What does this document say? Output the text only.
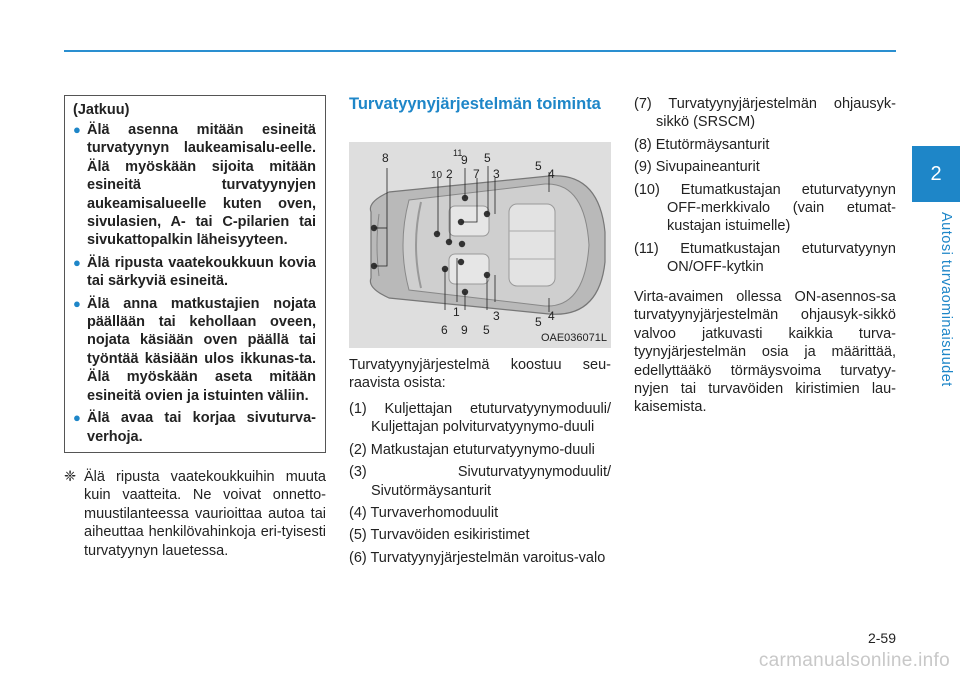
2
Autosi turvaominaisuudet
(Jatkuu)
● Älä asenna mitään esineitä turvatyynyn laukeamisalu-eelle. Älä myöskään sijoita mitään esineitä turvatyynyjen aukeamisalueelle kuten oven, sivulasien, A- tai C-pilarien tai sivukattopalkin läheisyyteen.
● Älä ripusta vaatekoukkuun kovia tai särkyviä esineitä.
● Älä anna matkustajien nojata päällään tai kehollaan oveen, nojata käsiään oven päällä tai työntää käsiään ulos ikkunas-ta. Älä myöskään aseta mitään esineitä ovien ja istuinten väliin.
● Älä avaa tai korjaa sivuturva-verhoja.
❈ Älä ripusta vaatekoukkuihin muuta kuin vaatteita. Ne voivat onnetto-muustilanteessa vaurioittaa autoa tai aiheuttaa henkilövahinkoja eri-tyisesti turvatyynyn lauetessa.
Turvatyynyjärjestelmän toiminta
8
10 2
11
9
7
5
3
5
4
1
6 9 5
3	5 4
OAE036071L
Turvatyynyjärjestelmä koostuu seu-raavista osista:
(1) Kuljettajan etuturvatyynymoduuli/ Kuljettajan polviturvatyynymo-duuli
(2) Matkustajan etuturvatyynymo-duuli
(3) Sivuturvatyynymoduulit/ Sivutörmäysanturit
(4) Turvaverhomoduulit
(5) Turvavöiden esikiristimet
(6) Turvatyynyjärjestelmän varoitus-valo
(7) Turvatyynyjärjestelmän ohjausyk-sikkö (SRSCM)
(8) Etutörmäysanturit
(9) Sivupaineanturit
(10) Etumatkustajan etuturvatyynyn OFF-merkkivalo (vain etumat-kustajan istuimelle)
(11) Etumatkustajan etuturvatyynyn ON/OFF-kytkin
Virta-avaimen ollessa ON-asennos-sa turvatyynyjärjestelmän ohjausyk-sikkö valvoo jatkuvasti kaikkia turva-tyynyjärjestelmän osia ja määrittää, edellyttääkö törmäysvoima turvatyy-nyjen tai turvavöiden kiristimien lau-kaisemista.
2-59
carmanualsonline.info
